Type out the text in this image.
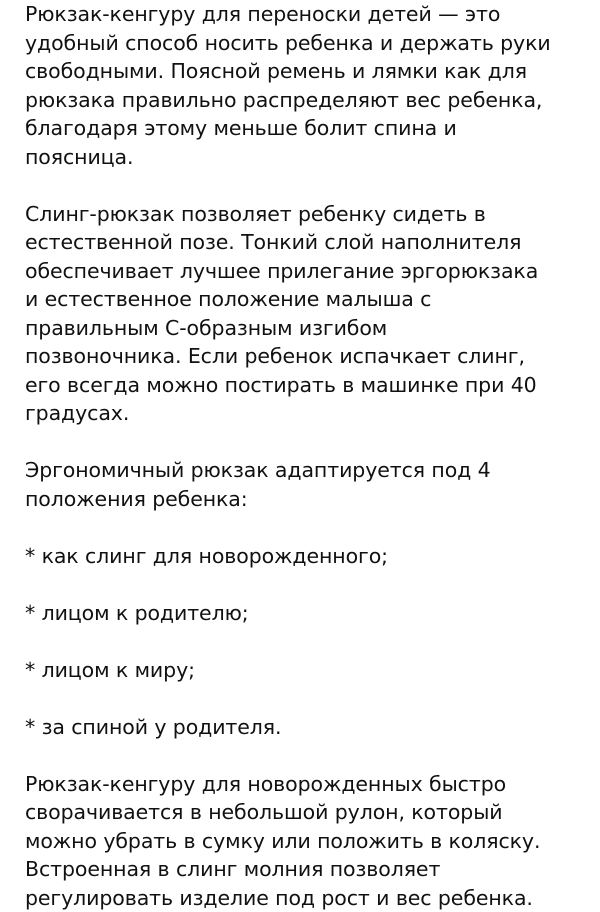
Рюкзак-кенгуру для переноски детей — это
удобный способ носить ребенка и держать руки
свободными. Поясной ремень и лямки как для
рюкзака правильно распределяют вес ребенка,
благодаря этому меньше болит спина и
поясница.

Слинг-рюкзак позволяет ребенку сидеть в
естественной позе. Тонкий слой наполнителя
обеспечивает лучшее прилегание эргорюкзака
и естественное положение малыша с
правильным С-образным изгибом
позвоночника. Если ребенок испачкает слинг,
его всегда можно постирать в машинке при 40
градусах.

Эргономичный рюкзак адаптируется под 4
положения ребенка:

* как слинг для новорожденного;

* лицом к родителю;

* лицом к миру;

* за спиной у родителя.

Рюкзак-кенгуру для новорожденных быстро
сворачивается в небольшой рулон, который
можно убрать в сумку или положить в коляску.
Встроенная в слинг молния позволяет
регулировать изделие под рост и вес ребенка.
